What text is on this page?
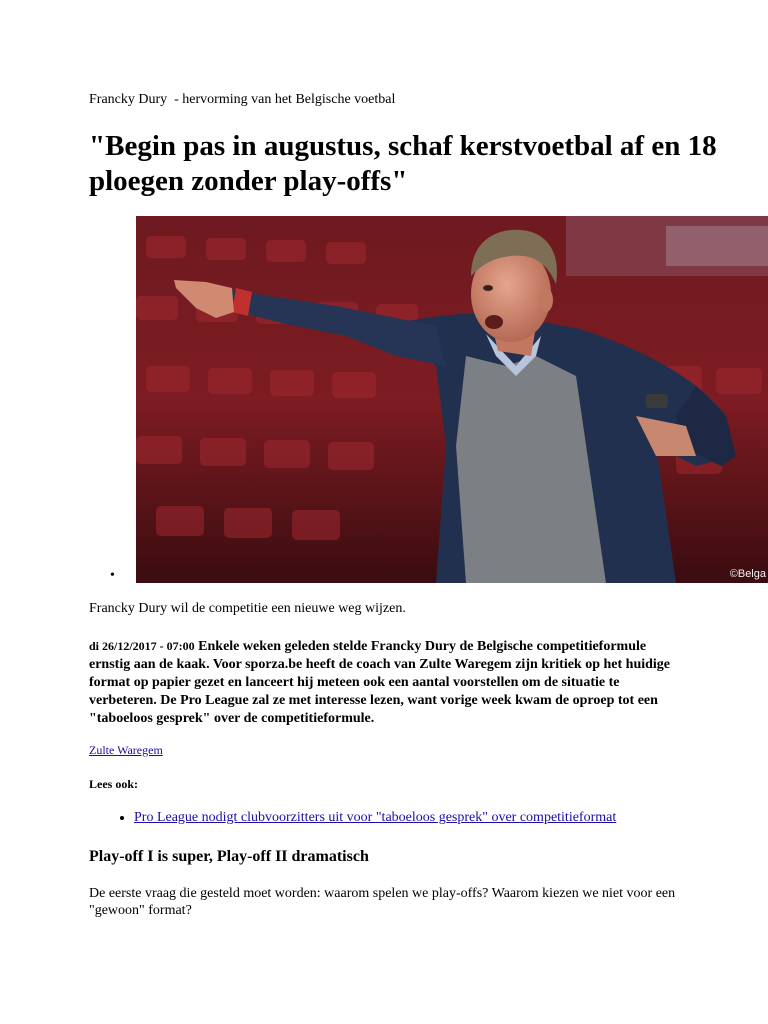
Francky Dury  - hervorming van het Belgische voetbal
"Begin pas in augustus, schaf kerstvoetbal af en 18 ploegen zonder play-offs"
•	©Belga
Francky Dury wil de competitie een nieuwe weg wijzen.

di 26/12/2017 - 07:00 Enkele weken geleden stelde Francky Dury de Belgische competitieformule ernstig aan de kaak. Voor sporza.be heeft de coach van Zulte Waregem zijn kritiek op het huidige format op papier gezet en lanceert hij meteen ook een aantal voorstellen om de situatie te verbeteren. De Pro League zal ze met interesse lezen, want vorige week kwam de oproep tot een "taboeloos gesprek" over de competitieformule.

Zulte Waregem
Lees ook:
• Pro League nodigt clubvoorzitters uit voor "taboeloos gesprek" over competitieformat
Play-off I is super, Play-off II dramatisch

De eerste vraag die gesteld moet worden: waarom spelen we play-offs? Waarom kiezen we niet voor een "gewoon" format?
